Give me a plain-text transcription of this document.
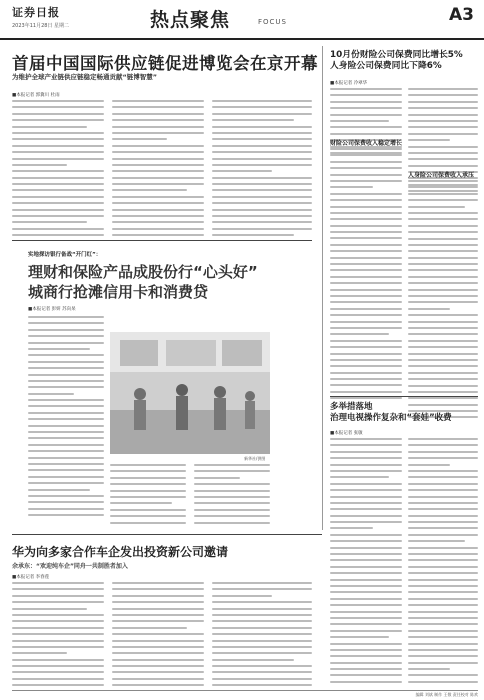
证券日报
2023年11月28日 星期二	热点聚焦	FOCUS	A3
首届中国国际供应链促进博览会在京开幕
为维护全球产业链供应链稳定畅通贡献“链博智慧”
■本报记者 郭冀川 杜雨
10月份财险公司保费同比增长5%
人身险公司保费同比下降6%
■本报记者 冷翠华
财险公司保费收入稳定增长
人身险公司保费收入承压
实地探访银行备战“开门红”：
理财和保险产品成股份行“心头好”
城商行抢滩信用卡和消费贷
■本报记者 彭妍 苏向杲
新华社/供图
多举措落地
治理电视操作复杂和“套娃”收费
■本报记者 张敏
华为向多家合作车企发出投资新公司邀请
余承东：“欢迎纯车企”同舟一共制胜者加入
■本报记者 李春莲
编辑 刘斌 制作 王敬 责任校对 陈欢
